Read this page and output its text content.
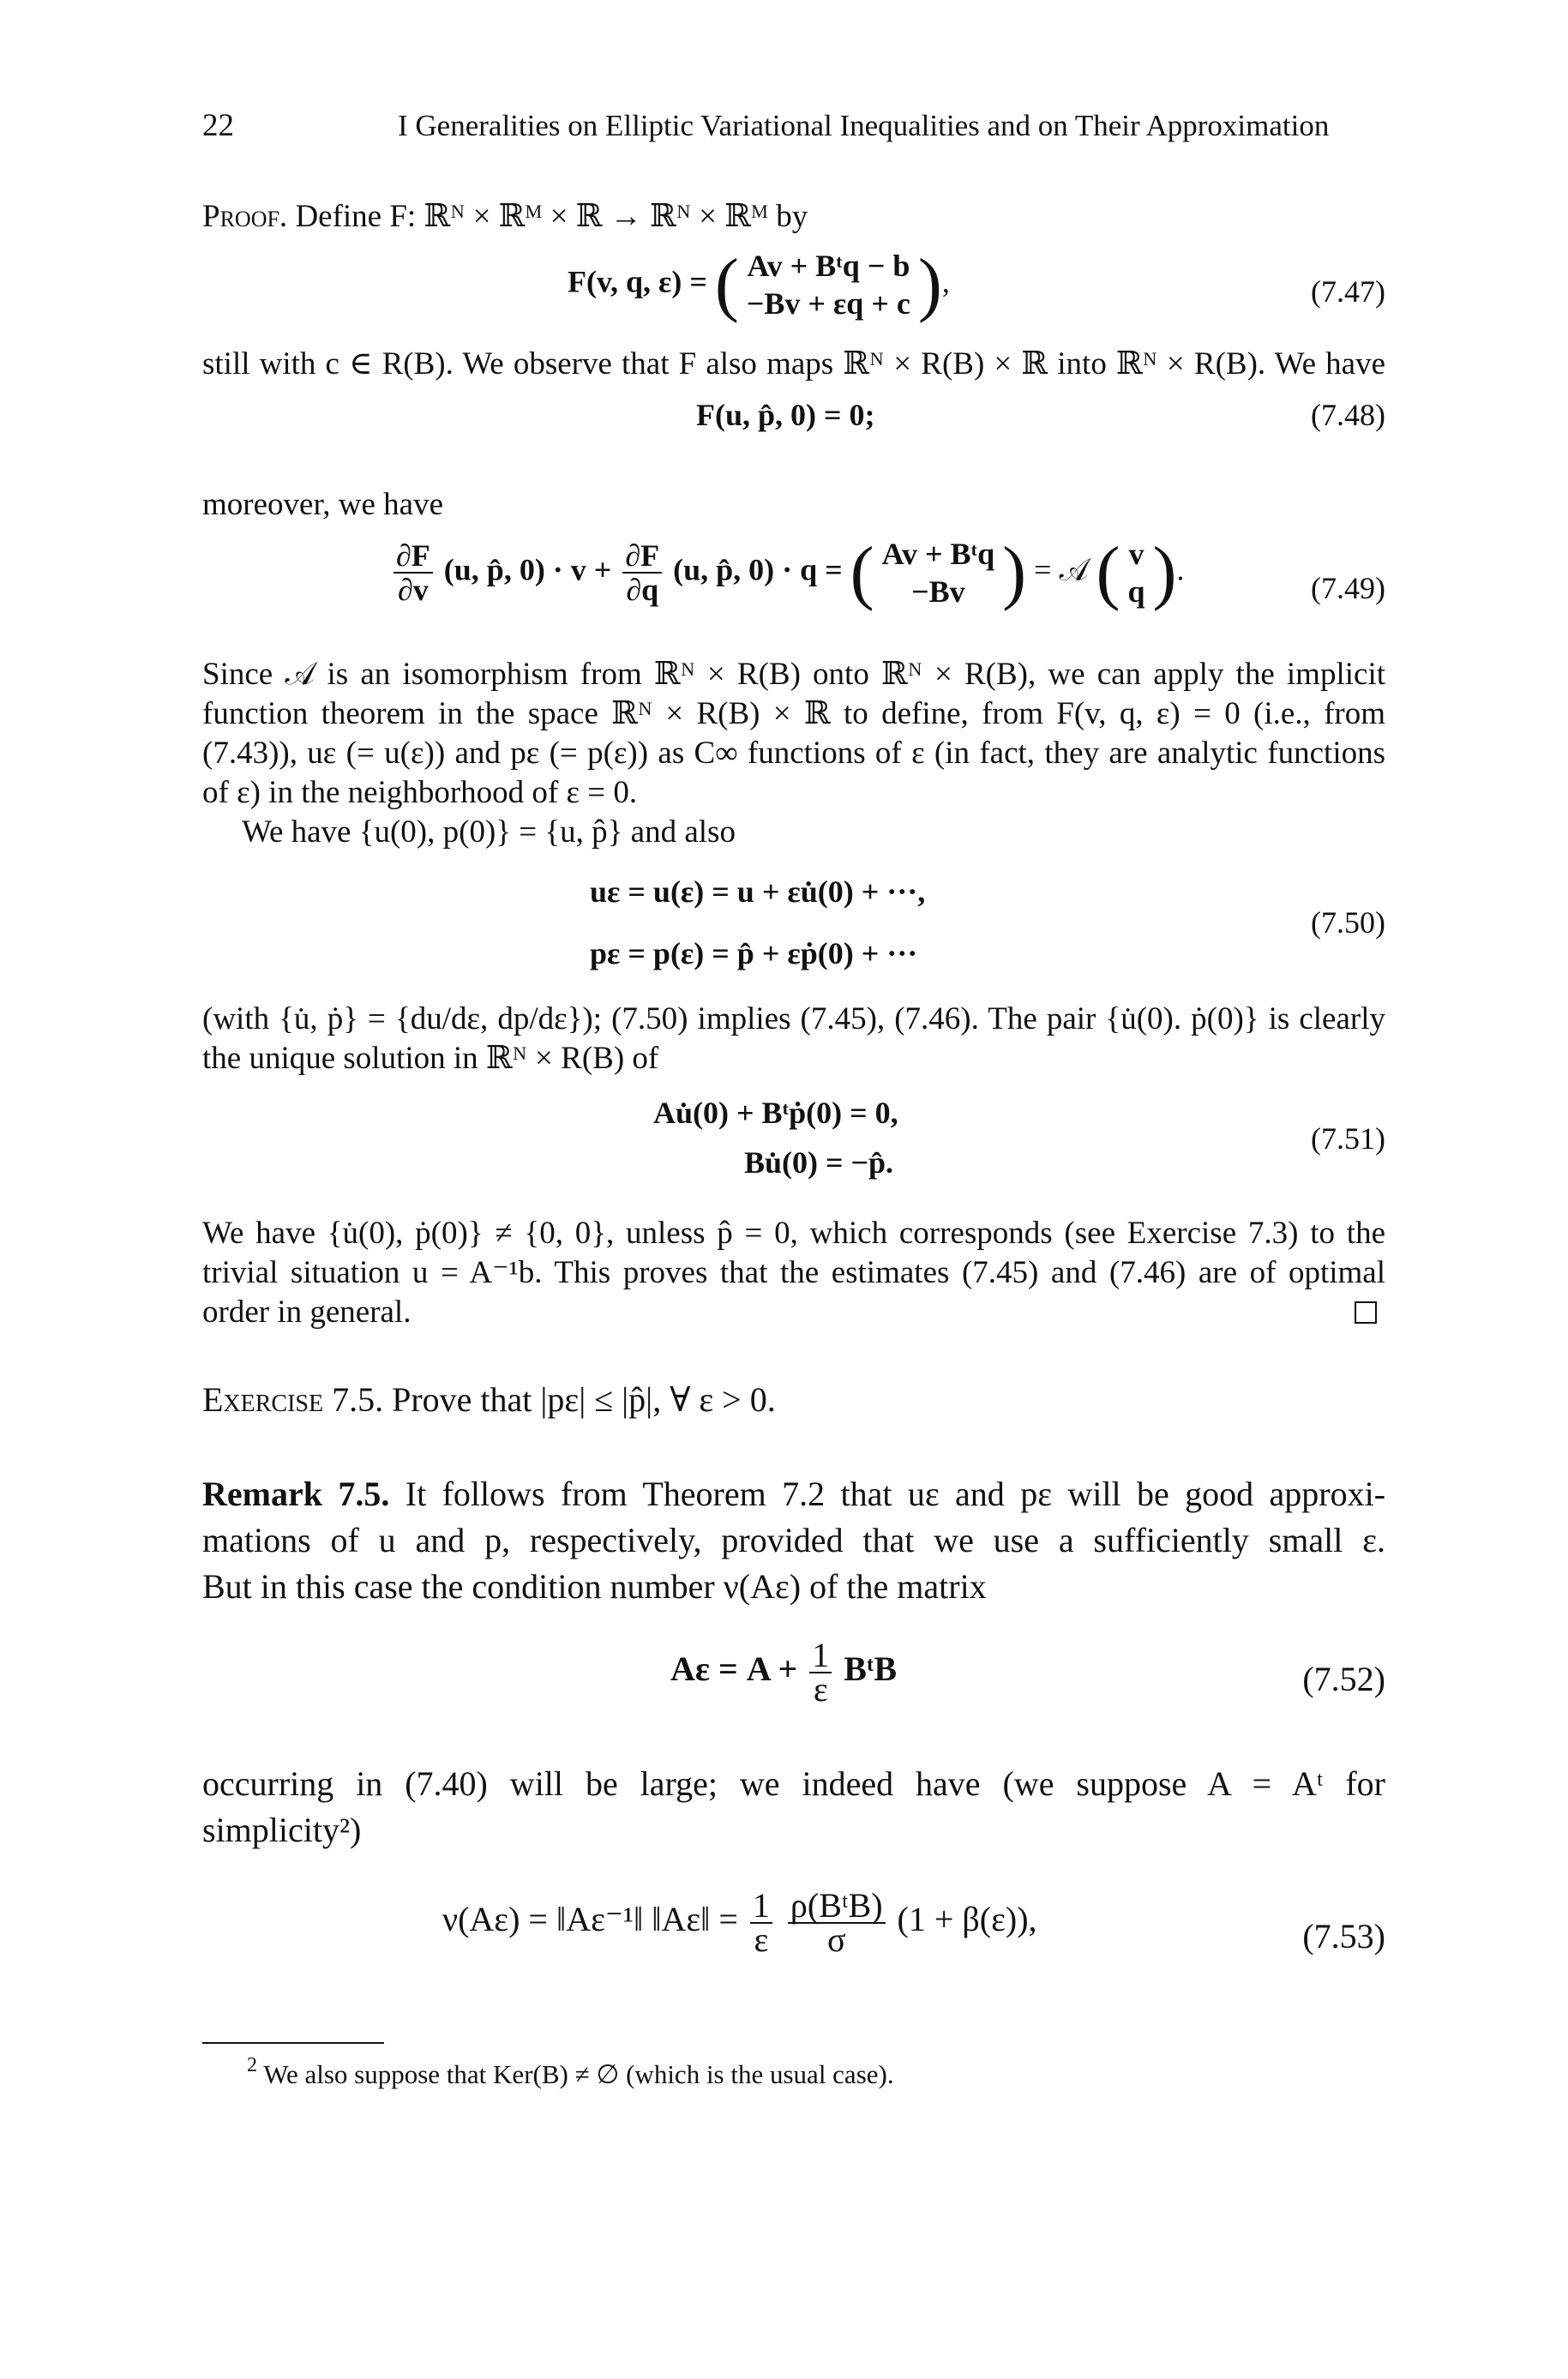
22	I Generalities on Elliptic Variational Inequalities and on Their Approximation
Proof. Define F: ℝᴺ × ℝᴹ × ℝ → ℝᴺ × ℝᴹ by
F(v, q, ε) = ( Av + Bᵗq − b
−Bv + εq + c ),	(7.47)
still with c ∈ R(B). We observe that F also maps ℝᴺ × R(B) × ℝ into ℝᴺ × R(B). We have
F(u, p̂, 0) = 0;	(7.48)
moreover, we have
$\frac{\partial F}{\partial v} (u$, p̂, $0) \cdot v + \frac{\partial F}{\partial q} (u$, p̂, 0) · q = ( Av + Bᵗq
−Bv ) = 𝒜 ( v
q ).
(7.49)
Since 𝒜 is an isomorphism from ℝᴺ × R(B) onto ℝᴺ × R(B), we can apply the implicit
function theorem in the space ℝᴺ × R(B) × ℝ to define, from F(v, q, ε) = 0 (i.e., from
(7.43)), uε (= u(ε)) and pε (= p(ε)) as C∞ functions of ε (in fact, they are analytic functions
of ε) in the neighborhood of ε = 0.
We have {u(0), p(0)} = {u, p̂} and also
uε = u(ε) = u + εu̇(0) + ···,
pε = p(ε) = p̂ + εṗ(0) + ···
(7.50)
(with {u̇, ṗ} = {du/dε, dp/dε}); (7.50) implies (7.45), (7.46). The pair {u̇(0). ṗ(0)} is clearly
the unique solution in ℝᴺ × R(B) of
Au̇(0) + Bᵗṗ(0) = 0,
Bu̇(0) = −p̂.
(7.51)
We have {u̇(0), ṗ(0)} ≠ {0, 0}, unless p̂ = 0, which corresponds (see Exercise 7.3) to the
trivial situation u = A⁻¹b. This proves that the estimates (7.45) and (7.46) are of optimal
order in general.
Exercise 7.5. Prove that |pε| ≤ |p̂|, ∀ ε > 0.
Remark 7.5. It follows from Theorem 7.2 that uε and pε will be good approxi-
mations of u and p, respectively, provided that we use a sufficiently small ε.
But in this case the condition number ν(Aε) of the matrix
$A\varepsilon = A + \frac{1}{\varepsilon}$ BᵗB	(7.52)
occurring in (7.40) will be large; we indeed have (we suppose A = Aᵗ for
simplicity²)
ν(Aε) = ‖Aε⁻¹‖ ‖Aε‖ = $\frac{1}{\varepsilon}$
$\frac{\text{ρ(BᵗB)}}{\sigma} (1 + \beta(\varepsilon))$,	(7.53)
$^2$ We also suppose that Ker(B) ≠ ∅ (which is the usual case).
